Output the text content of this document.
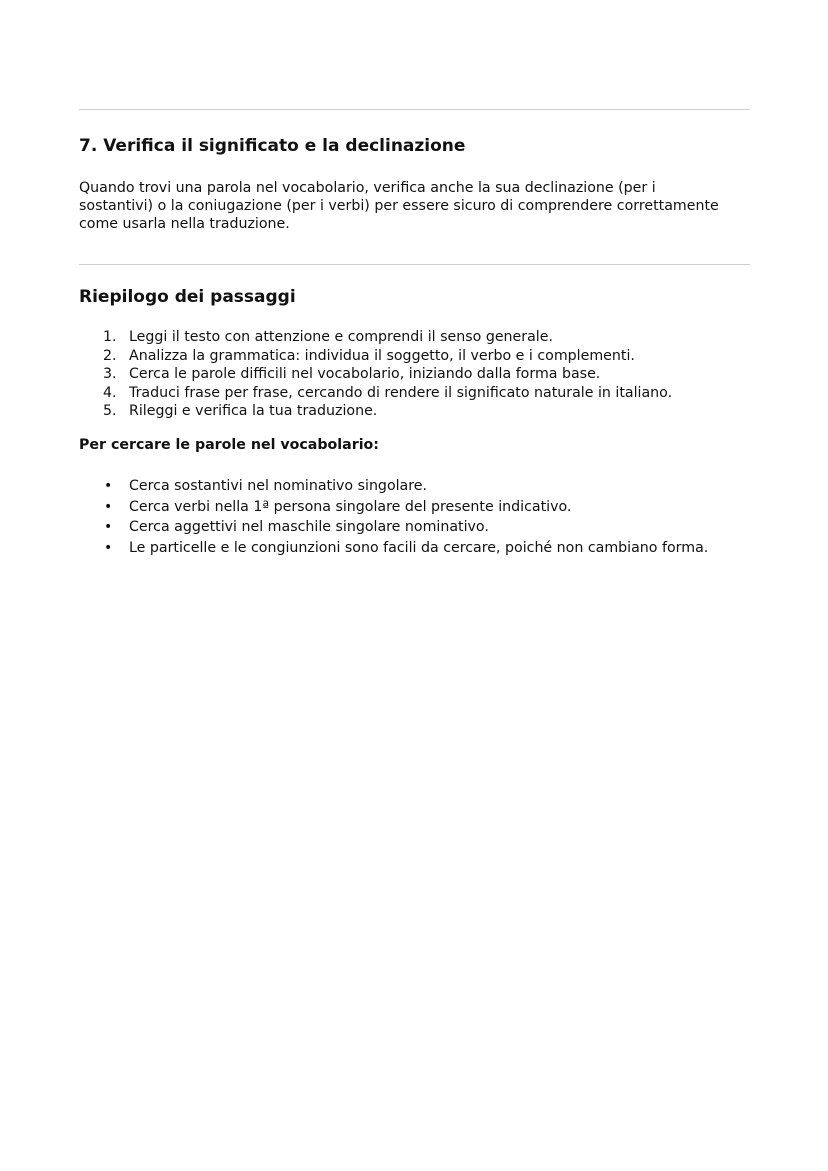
7. Verifica il significato e la declinazione

Quando trovi una parola nel vocabolario, verifica anche la sua declinazione (per i sostantivi) o la coniugazione (per i verbi) per essere sicuro di comprendere correttamente come usarla nella traduzione.

Riepilogo dei passaggi
1. Leggi il testo con attenzione e comprendi il senso generale.
2. Analizza la grammatica: individua il soggetto, il verbo e i complementi.
3. Cerca le parole difficili nel vocabolario, iniziando dalla forma base.
4. Traduci frase per frase, cercando di rendere il significato naturale in italiano.
5. Rileggi e verifica la tua traduzione.
Per cercare le parole nel vocabolario:
•	Cerca sostantivi nel nominativo singolare.
•	Cerca verbi nella 1ª persona singolare del presente indicativo.
•	Cerca aggettivi nel maschile singolare nominativo.
•	Le particelle e le congiunzioni sono facili da cercare, poiché non cambiano forma.
